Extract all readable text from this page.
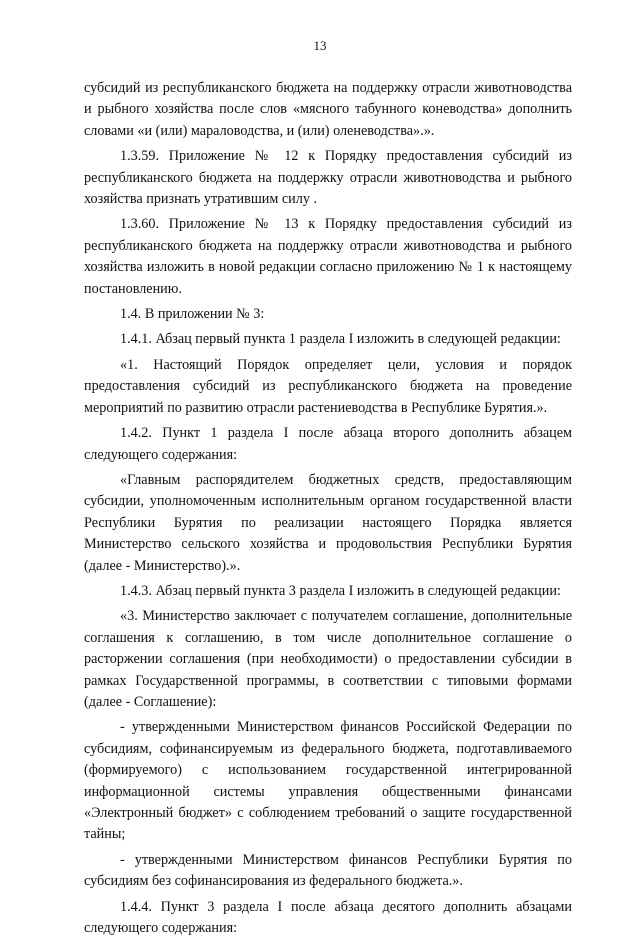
13

субсидий из республиканского бюджета на поддержку отрасли животноводства и рыбного хозяйства после слов «мясного табунного коневодства» дополнить словами «и (или) мараловодства, и (или) оленеводства».».

1.3.59. Приложение № 12 к Порядку предоставления субсидий из республиканского бюджета на поддержку отрасли животноводства и рыбного хозяйства признать утратившим силу .

1.3.60. Приложение № 13 к Порядку предоставления субсидий из республиканского бюджета на поддержку отрасли животноводства и рыбного хозяйства изложить в новой редакции согласно приложению № 1 к настоящему постановлению.

1.4. В приложении № 3:

1.4.1. Абзац первый пункта 1 раздела I изложить в следующей редакции:

«1. Настоящий Порядок определяет цели, условия и порядок предоставления субсидий из республиканского бюджета на проведение мероприятий по развитию отрасли растениеводства в Республике Бурятия.».

1.4.2. Пункт 1 раздела I после абзаца второго дополнить абзацем следующего содержания:

«Главным распорядителем бюджетных средств, предоставляющим субсидии, уполномоченным исполнительным органом государственной власти Республики Бурятия по реализации настоящего Порядка является Министерство сельского хозяйства и продовольствия Республики Бурятия (далее - Министерство).».

1.4.3. Абзац первый пункта 3 раздела I изложить в следующей редакции:

«3. Министерство заключает с получателем соглашение, дополнительные соглашения к соглашению, в том числе дополнительное соглашение о расторжении соглашения (при необходимости) о предоставлении субсидии в рамках Государственной программы, в соответствии с типовыми формами (далее - Соглашение):

- утвержденными Министерством финансов Российской Федерации по субсидиям, софинансируемым из федерального бюджета, подготавливаемого (формируемого) с использованием государственной интегрированной информационной системы управления общественными финансами «Электронный бюджет» с соблюдением требований о защите государственной тайны;

- утвержденными Министерством финансов Республики Бурятия по субсидиям без софинансирования из федерального бюджета.».

1.4.4. Пункт 3 раздела I после абзаца десятого дополнить абзацами следующего содержания:
